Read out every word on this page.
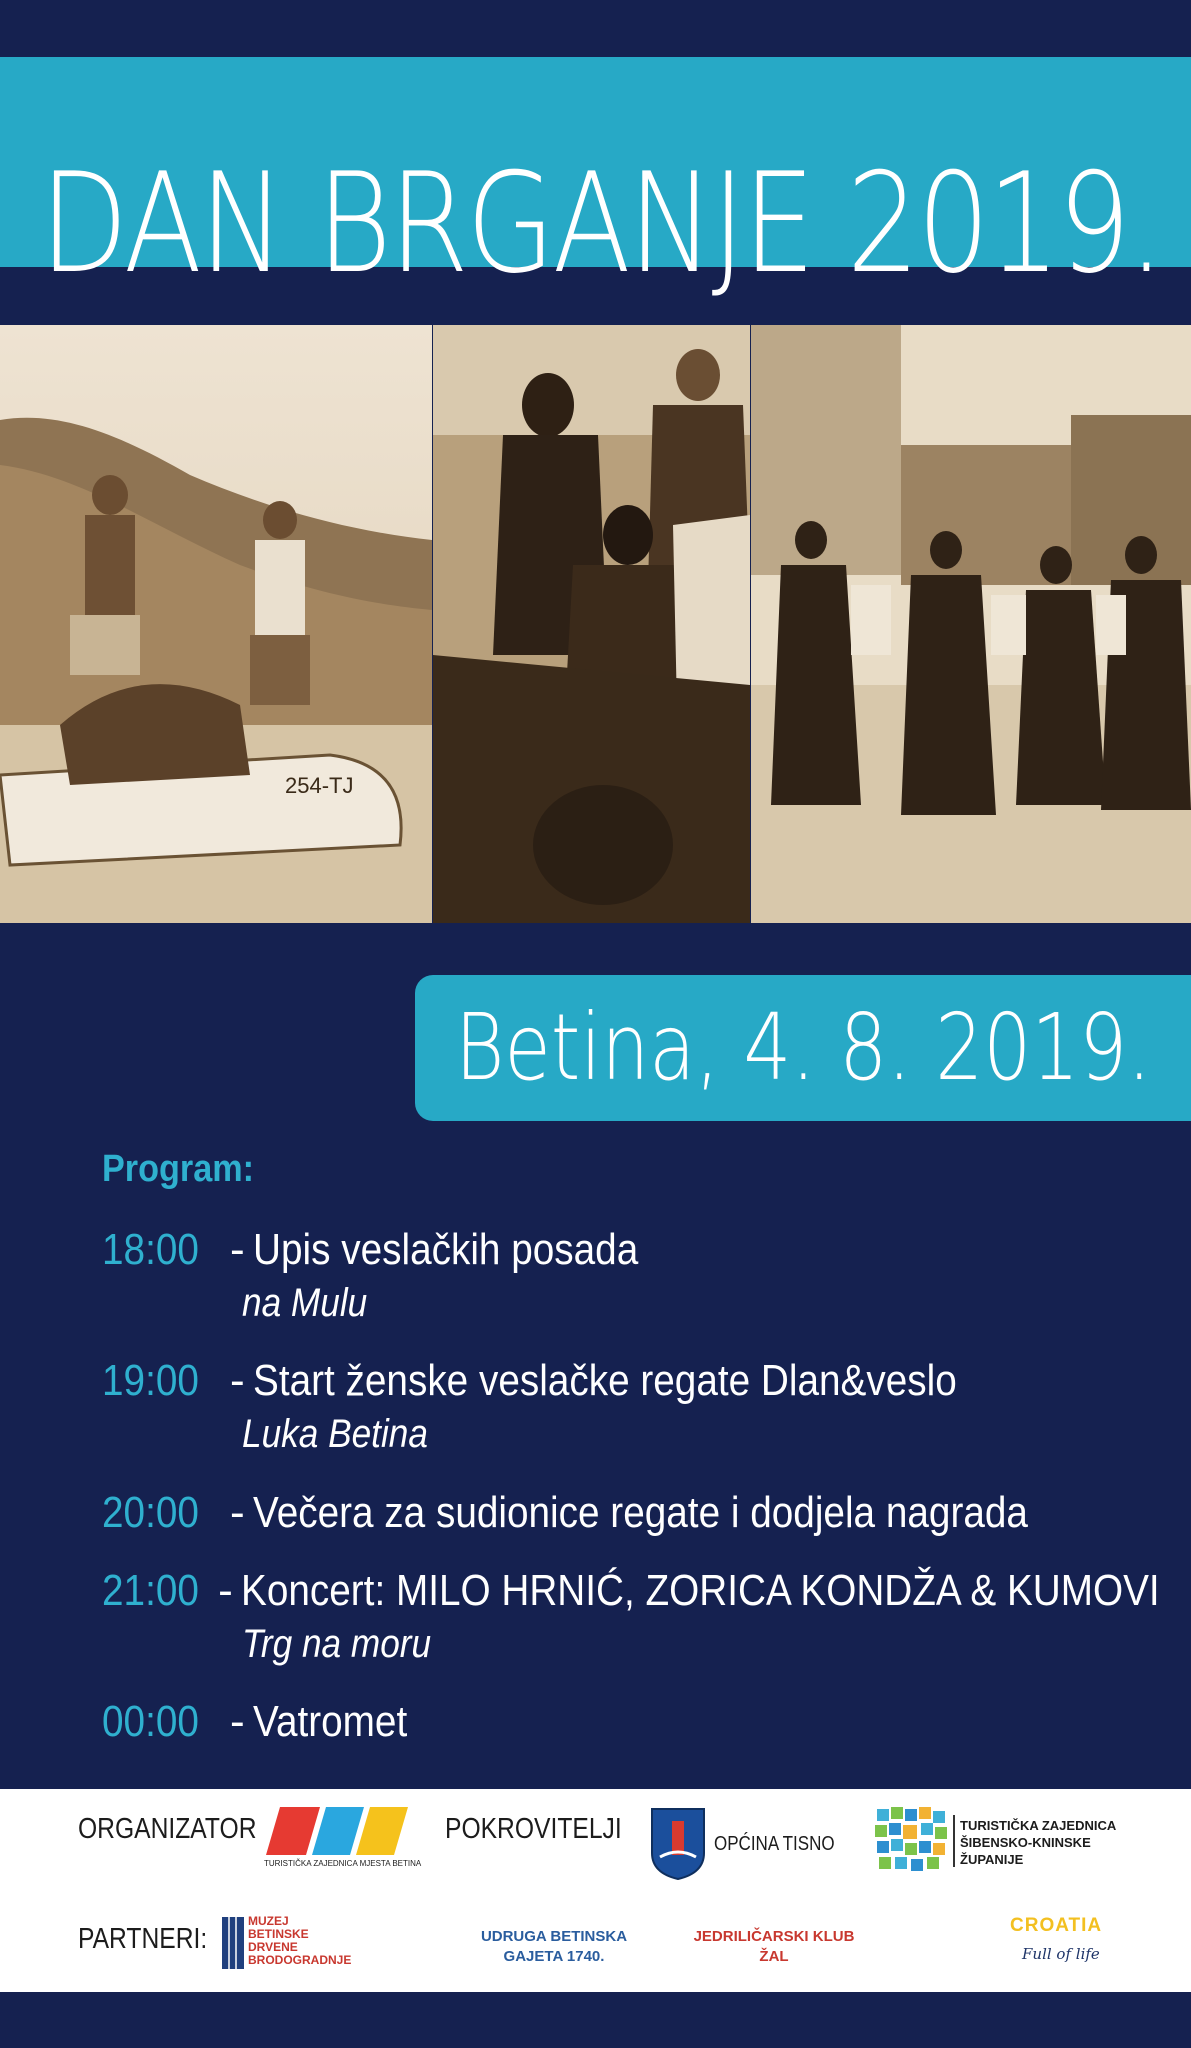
DAN BRGANJE 2019.
254-TJ
Betina, 4. 8. 2019.
Program:
18:00 - Upis veslačkih posada
na Mulu
19:00 - Start ženske veslačke regate Dlan&veslo
Luka Betina
20:00 - Večera za sudionice regate i dodjela nagrada
21:00 - Koncert: MILO HRNIĆ, ZORICA KONDŽA & KUMOVI
Trg na moru
00:00 - Vatromet
ORGANIZATOR
TURISTIČKA ZAJEDNICA MJESTA BETINA
POKROVITELJI	OPĆINA TISNO
TURISTIČKA ZAJEDNICA
ŠIBENSKO-KNINSKE
ŽUPANIJE
PARTNERI:
MUZEJ
BETINSKE
DRVENE
BRODOGRADNJE
UDRUGA BETINSKA
GAJETA 1740.
JEDRILIČARSKI KLUB
ŽAL
CROATIA
Full of life
